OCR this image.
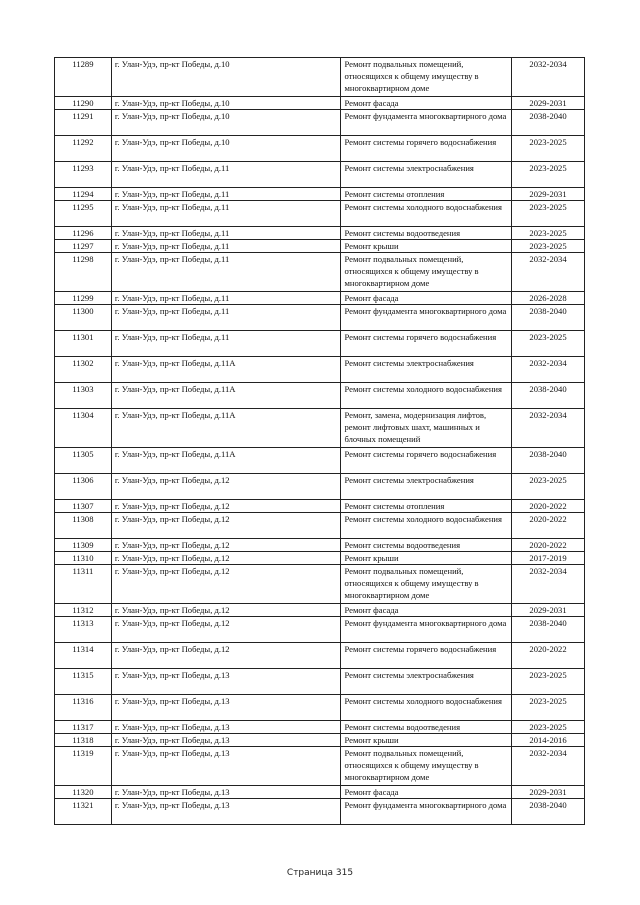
11289	г. Улан-Удэ, пр-кт Победы, д.10	Ремонт подвальных помещений, относящихся к общему имуществу в многоквартирном доме	2032-2034
11290	г. Улан-Удэ, пр-кт Победы, д.10	Ремонт фасада	2029-2031
11291	г. Улан-Удэ, пр-кт Победы, д.10	Ремонт фундамента многоквартирного дома	2038-2040
11292	г. Улан-Удэ, пр-кт Победы, д.10	Ремонт системы горячего водоснабжения	2023-2025
11293	г. Улан-Удэ, пр-кт Победы, д.11	Ремонт системы электроснабжения	2023-2025
11294	г. Улан-Удэ, пр-кт Победы, д.11	Ремонт системы отопления	2029-2031
11295	г. Улан-Удэ, пр-кт Победы, д.11	Ремонт системы холодного водоснабжения	2023-2025
11296	г. Улан-Удэ, пр-кт Победы, д.11	Ремонт системы водоотведения	2023-2025
11297	г. Улан-Удэ, пр-кт Победы, д.11	Ремонт крыши	2023-2025
11298	г. Улан-Удэ, пр-кт Победы, д.11	Ремонт подвальных помещений, относящихся к общему имуществу в многоквартирном доме	2032-2034
11299	г. Улан-Удэ, пр-кт Победы, д.11	Ремонт фасада	2026-2028
11300	г. Улан-Удэ, пр-кт Победы, д.11	Ремонт фундамента многоквартирного дома	2038-2040
11301	г. Улан-Удэ, пр-кт Победы, д.11	Ремонт системы горячего водоснабжения	2023-2025
11302	г. Улан-Удэ, пр-кт Победы, д.11А	Ремонт системы электроснабжения	2032-2034
11303	г. Улан-Удэ, пр-кт Победы, д.11А	Ремонт системы холодного водоснабжения	2038-2040
11304	г. Улан-Удэ, пр-кт Победы, д.11А	Ремонт, замена, модернизация лифтов, ремонт лифтовых шахт, машинных и блочных помещений	2032-2034
11305	г. Улан-Удэ, пр-кт Победы, д.11А	Ремонт системы горячего водоснабжения	2038-2040
11306	г. Улан-Удэ, пр-кт Победы, д.12	Ремонт системы электроснабжения	2023-2025
11307	г. Улан-Удэ, пр-кт Победы, д.12	Ремонт системы отопления	2020-2022
11308	г. Улан-Удэ, пр-кт Победы, д.12	Ремонт системы холодного водоснабжения	2020-2022
11309	г. Улан-Удэ, пр-кт Победы, д.12	Ремонт системы водоотведения	2020-2022
11310	г. Улан-Удэ, пр-кт Победы, д.12	Ремонт крыши	2017-2019
11311	г. Улан-Удэ, пр-кт Победы, д.12	Ремонт подвальных помещений, относящихся к общему имуществу в многоквартирном доме	2032-2034
11312	г. Улан-Удэ, пр-кт Победы, д.12	Ремонт фасада	2029-2031
11313	г. Улан-Удэ, пр-кт Победы, д.12	Ремонт фундамента многоквартирного дома	2038-2040
11314	г. Улан-Удэ, пр-кт Победы, д.12	Ремонт системы горячего водоснабжения	2020-2022
11315	г. Улан-Удэ, пр-кт Победы, д.13	Ремонт системы электроснабжения	2023-2025
11316	г. Улан-Удэ, пр-кт Победы, д.13	Ремонт системы холодного водоснабжения	2023-2025
11317	г. Улан-Удэ, пр-кт Победы, д.13	Ремонт системы водоотведения	2023-2025
11318	г. Улан-Удэ, пр-кт Победы, д.13	Ремонт крыши	2014-2016
11319	г. Улан-Удэ, пр-кт Победы, д.13	Ремонт подвальных помещений, относящихся к общему имуществу в многоквартирном доме	2032-2034
11320	г. Улан-Удэ, пр-кт Победы, д.13	Ремонт фасада	2029-2031
11321	г. Улан-Удэ, пр-кт Победы, д.13	Ремонт фундамента многоквартирного дома	2038-2040
Страница 315
